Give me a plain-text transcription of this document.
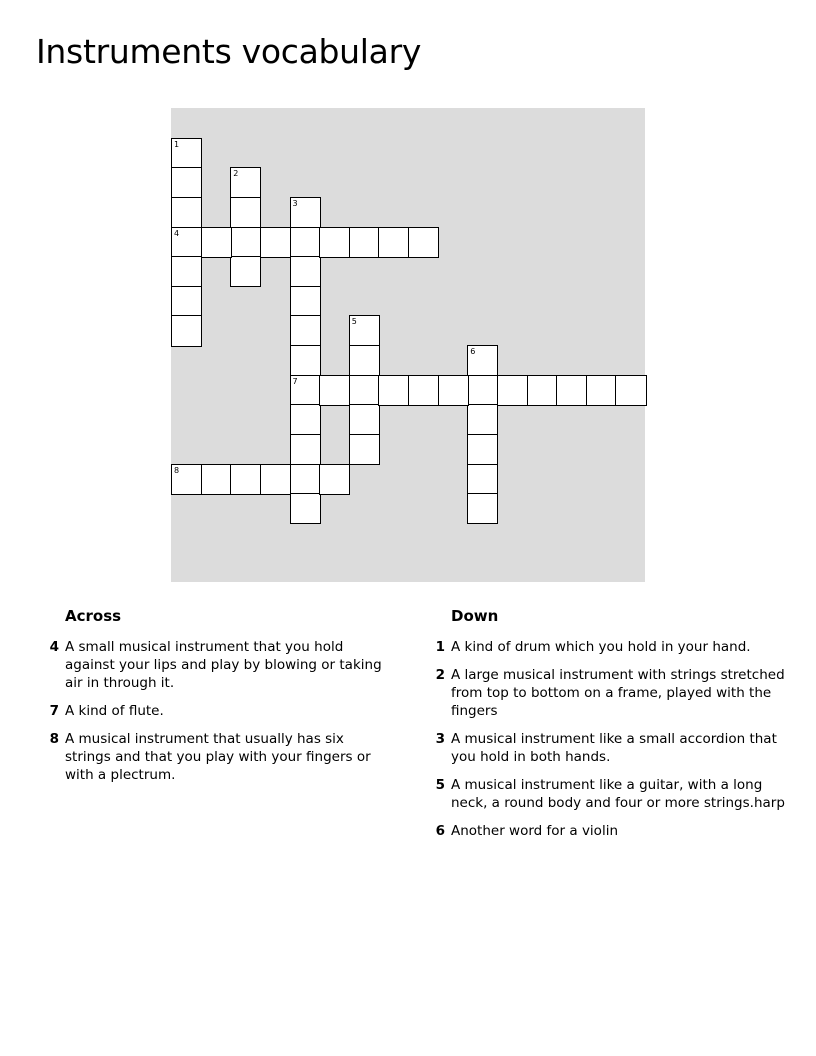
Instruments vocabulary
1
4
2
3
7
5
6
8
Across
4 A small musical instrument that you hold against your lips and play by blowing or taking air in through it.
7 A kind of flute.
8 A musical instrument that usually has six strings and that you play with your fingers or with a plectrum.
Down
1 A kind of drum which you hold in your hand.
2 A large musical instrument with strings stretched from top to bottom on a frame, played with the fingers
3 A musical instrument like a small accordion that you hold in both hands.
5 A musical instrument like a guitar, with a long neck, a round body and four or more strings.harp
6 Another word for a violin
